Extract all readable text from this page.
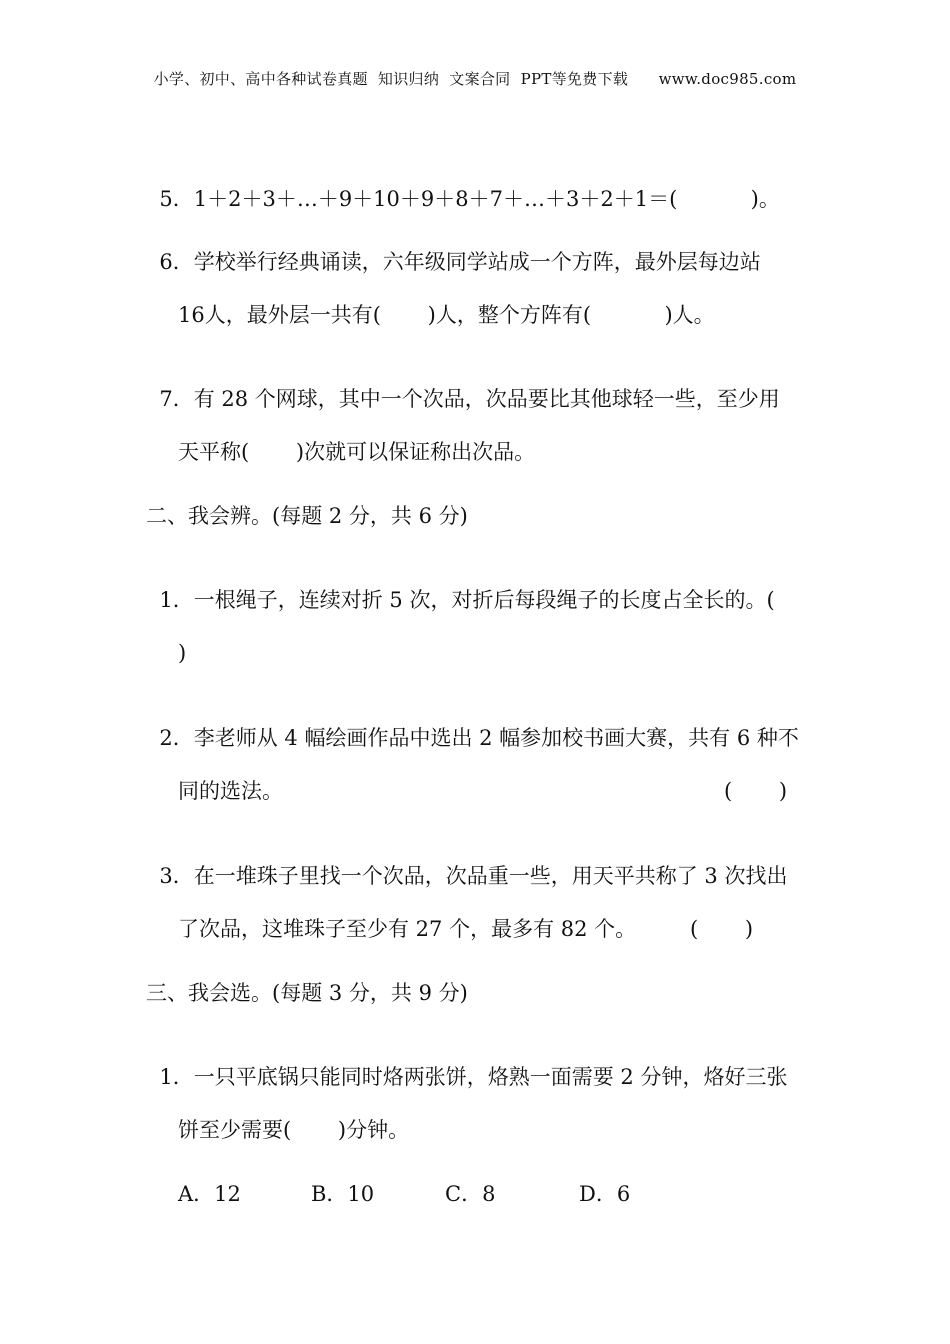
小学、初中、高中各种试卷真题  知识归纳  文案合同  PPT等免费下载      www.doc985.com

5．1＋2＋3＋…＋9＋10＋9＋8＋7＋…＋3＋2＋1＝(           )。

6．学校举行经典诵读，六年级同学站成一个方阵，最外层每边站

16人，最外层一共有(       )人，整个方阵有(           )人。

7．有 28 个网球，其中一个次品，次品要比其他球轻一些，至少用

天平称(       )次就可以保证称出次品。
二、我会辨。(每题 2 分，共 6 分)

1．一根绳子，连续对折 5 次，对折后每段绳子的长度占全长的。(

)

2．李老师从 4 幅绘画作品中选出 2 幅参加校书画大赛，共有 6 种不

同的选法。	(       )

3．在一堆珠子里找一个次品，次品重一些，用天平共称了 3 次找出

了次品，这堆珠子至少有 27 个，最多有 82 个。	(       )
三、我会选。(每题 3 分，共 9 分)

1．一只平底锅只能同时烙两张饼，烙熟一面需要 2 分钟，烙好三张

饼至少需要(       )分钟。
A．12	B．10	C．8	D．6
